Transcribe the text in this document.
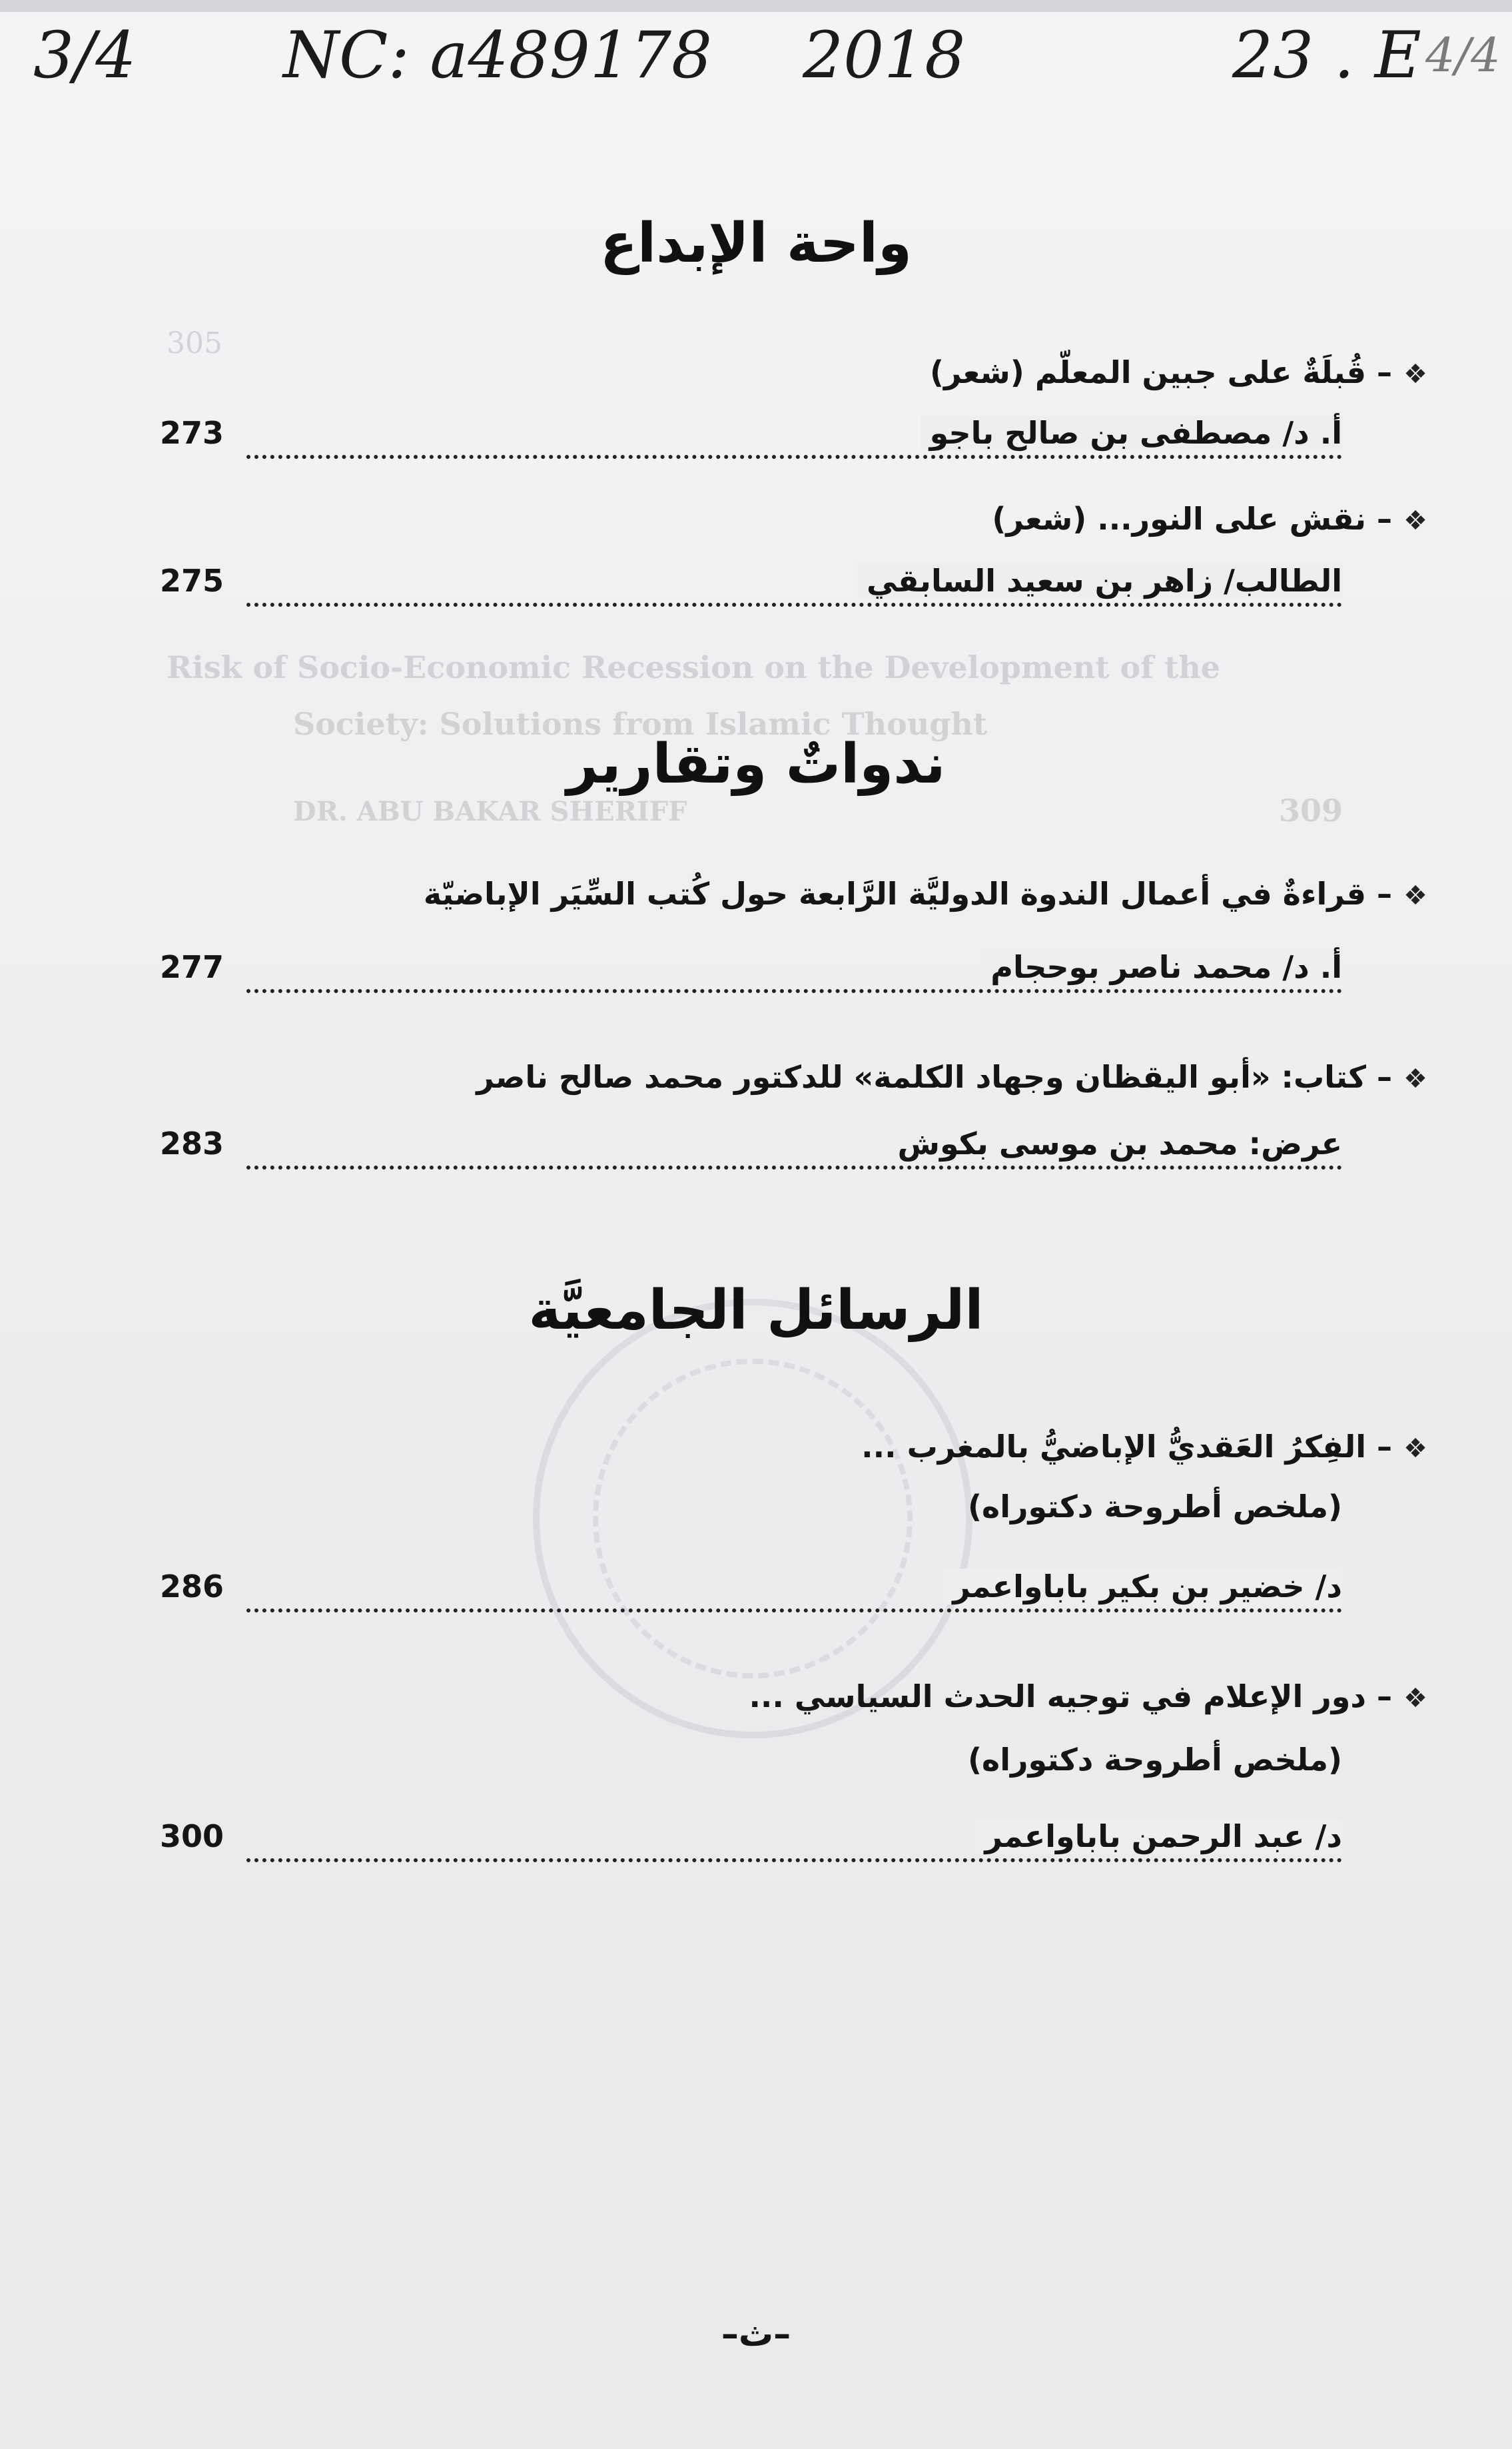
305
Risk of Socio-Economic Recession on the Development of the
Society: Solutions from Islamic Thought
DR. ABU BAKAR SHERIFF	309
3/4 NC: a489178 2018	23 . E 4/4
واحة الإبداع
❖– قُبلَةٌ على جبين المعلّم (شعر)
أ. د/ مصطفى بن صالح باجو
273
❖– نقش على النور... (شعر)
الطالب/ زاهر بن سعيد السابقي
275
ندواتٌ وتقارير
❖– قراءةٌ في أعمال الندوة الدوليَّة الرَّابعة حول كُتب السِّيَر الإباضيّة
أ. د/ محمد ناصر بوحجام
277
❖– كتاب: «أبو اليقظان وجهاد الكلمة» للدكتور محمد صالح ناصر
عرض: محمد بن موسى بكوش
283
الرسائل الجامعيَّة
❖– الفِكرُ العَقديُّ الإباضيُّ بالمغرب ...
(ملخص أطروحة دكتوراه)
د/ خضير بن بكير باباواعمر
286
❖– دور الإعلام في توجيه الحدث السياسي ...
(ملخص أطروحة دكتوراه)
د/ عبد الرحمن باباواعمر
300
–ث–
